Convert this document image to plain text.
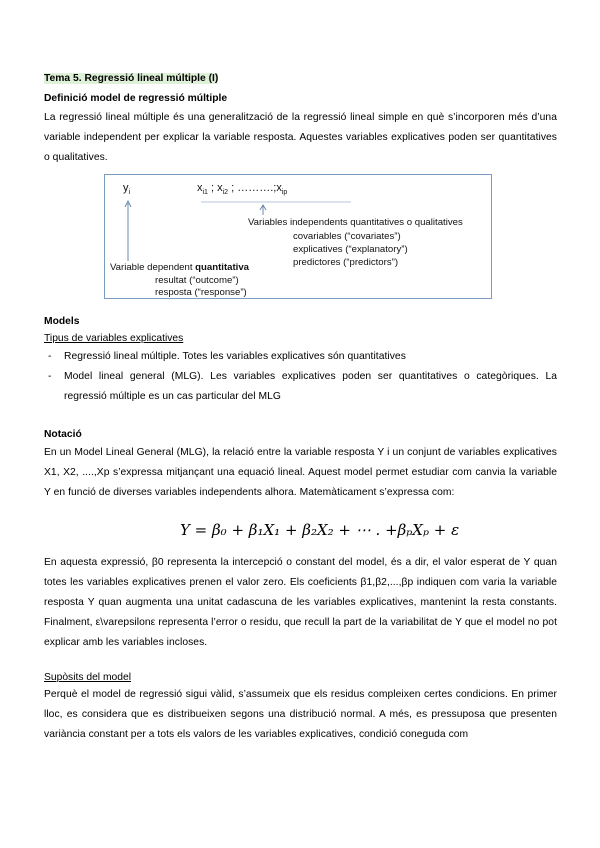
Tema 5. Regressió lineal múltiple (I)
Definició model de regressió múltiple
La regressió lineal múltiple és una generalització de la regressió lineal simple en què s’incorporen més d’una variable independent per explicar la variable resposta. Aquestes variables explicatives poden ser quantitatives o qualitatives.
$y_i$	$x_{i1}$ ; $x_{i2}$ ; $\dots\dots\dots.;x_{ip}$
Variables independents quantitatives o qualitatives
covariables (“covariates”)
explicatives (“explanatory”)
predictores (“predictors”)
Variable dependent quantitativa
resultat (“outcome”)
resposta (“response”)
Models
Tipus de variables explicatives
- Regressió lineal múltiple. Totes les variables explicatives són quantitatives
- Model lineal general (MLG). Les variables explicatives poden ser quantitatives o categòriques. La regressió múltiple es un cas particular del MLG
Notació
En un Model Lineal General (MLG), la relació entre la variable resposta Y i un conjunt de variables explicatives X1, X2, ....,Xp s’expressa mitjançant una equació lineal. Aquest model permet estudiar com canvia la variable Y en funció de diverses variables independents alhora. Matemàticament s’expressa com:
Y = β₀ + β₁X₁ + β₂X₂ + ⋯ . +βₚXₚ + ε
En aquesta expressió, β0 representa la intercepció o constant del model, és a dir, el valor esperat de Y quan totes les variables explicatives prenen el valor zero. Els coeficients β1,β2,...,βp indiquen com varia la variable resposta Y quan augmenta una unitat cadascuna de les variables explicatives, mantenint la resta constants. Finalment, ε\varepsilonε representa l’error o residu, que recull la part de la variabilitat de Y que el model no pot explicar amb les variables incloses.
Supòsits del model
Perquè el model de regressió sigui vàlid, s’assumeix que els residus compleixen certes condicions. En primer lloc, es considera que es distribueixen segons una distribució normal. A més, es pressuposa que presenten variància constant per a tots els valors de les variables explicatives, condició coneguda com
